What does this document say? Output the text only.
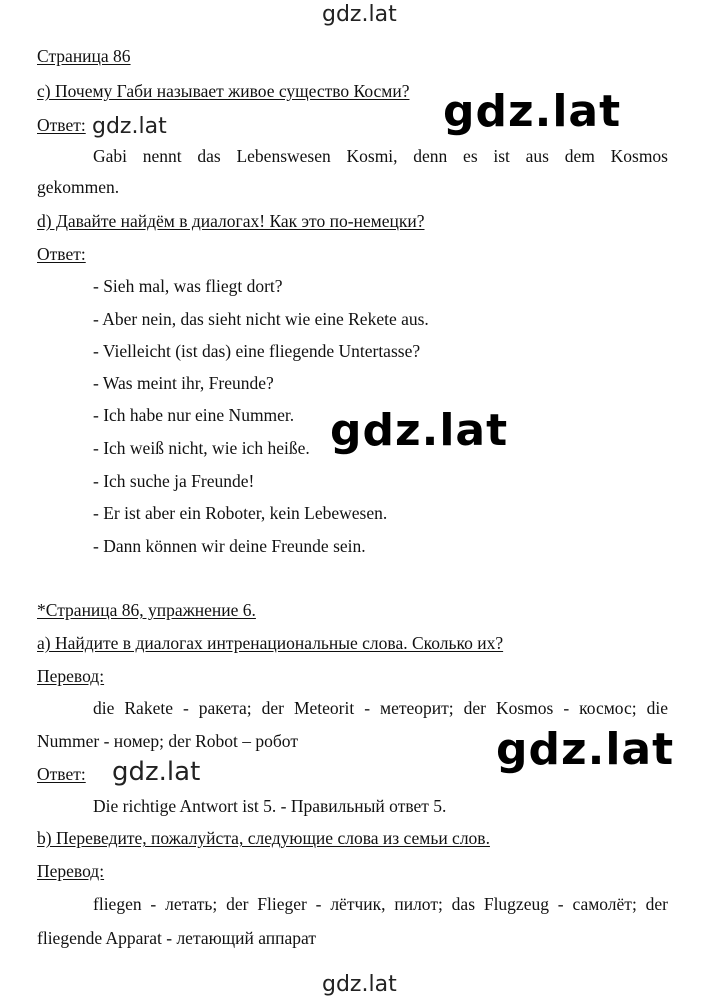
gdz.lat
gdz.lat
gdz.lat
gdz.lat
gdz.lat
gdz.lat
gdz.lat
Страница 86
c) Почему Габи называет живое существо Косми?
Ответ:
Gabi nennt das Lebenswesen Kosmi, denn es ist aus dem Kosmos
gekommen.
d) Давайте найдём в диалогах! Как это по-немецки?
Ответ:
- Sieh mal, was fliegt dort?
- Aber nein, das sieht nicht wie eine Rekete aus.
- Vielleicht (ist das) eine fliegende Untertasse?
- Was meint ihr, Freunde?
- Ich habe nur eine Nummer.
- Ich weiß nicht, wie ich heiße.
- Ich suche ja Freunde!
- Er ist aber ein Roboter, kein Lebewesen.
- Dann können wir deine Freunde sein.
*Страница 86, упражнение 6.
a) Найдите в диалогах интренациональные слова. Сколько их?
Перевод:
die Rakete - ракета; der Meteorit - метеорит; der Kosmos - космос; die
Nummer - номер; der Robot – робот
Ответ:
Die richtige Antwort ist 5. - Правильный ответ 5.
b) Переведите, пожалуйста, следующие слова из семьи слов.
Перевод:
fliegen - летать; der Flieger - лётчик, пилот; das Flugzeug - самолёт; der
fliegende Apparat - летающий аппарат
